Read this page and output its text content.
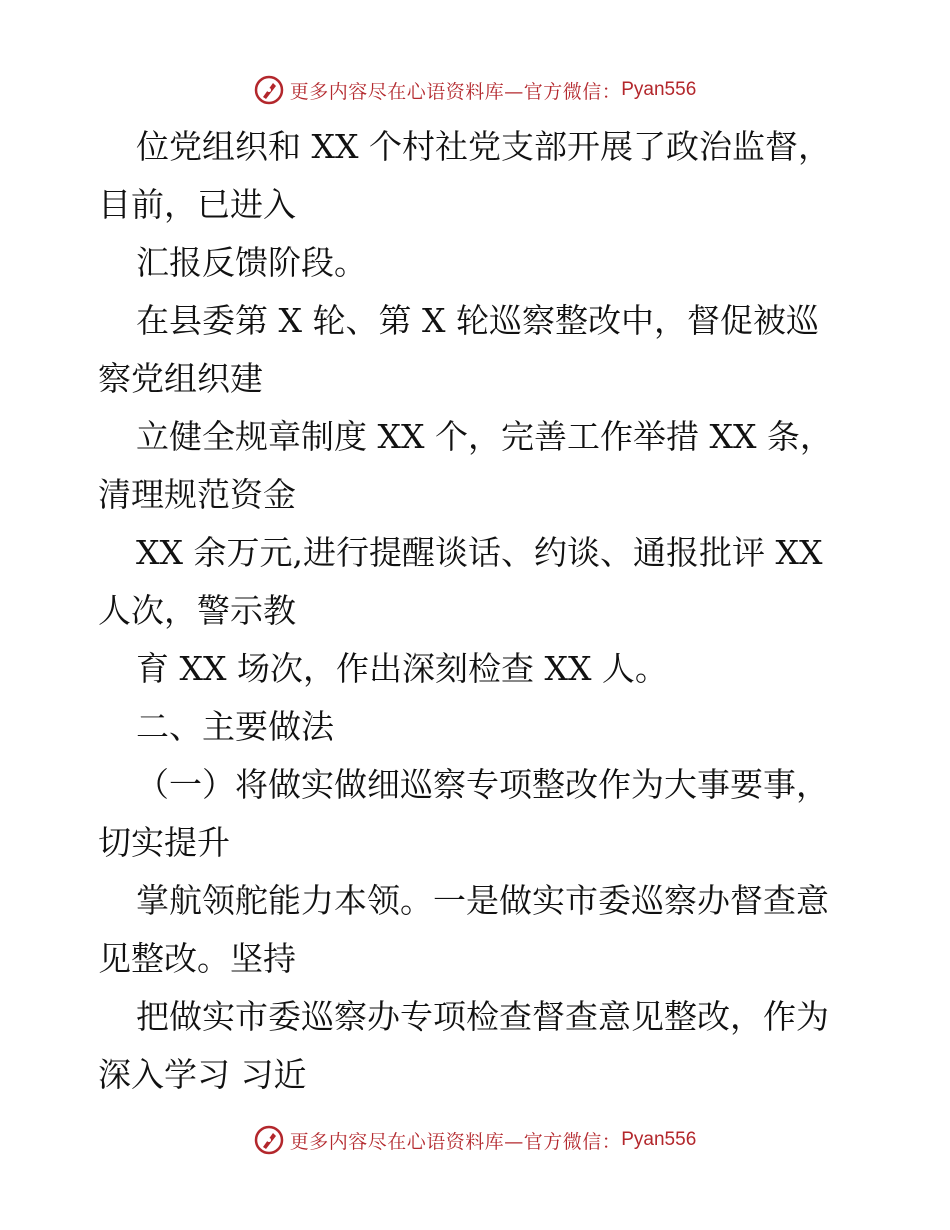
更多内容尽在心语资料库—官方微信： Pyan556
位党组织和 XX 个村社党支部开展了政治监督，
目前，已进入
汇报反馈阶段。
在县委第 X 轮、第 X 轮巡察整改中，督促被巡
察党组织建
立健全规章制度 XX 个，完善工作举措 XX 条，
清理规范资金
XX 余万元,进行提醒谈话、约谈、通报批评 XX
人次，警示教
育 XX 场次，作出深刻检查 XX 人。
二、主要做法
（一）将做实做细巡察专项整改作为大事要事，
切实提升
掌航领舵能力本领。一是做实市委巡察办督查意
见整改。坚持
把做实市委巡察办专项检查督查意见整改，作为
深入学习 习近
更多内容尽在心语资料库—官方微信： Pyan556
